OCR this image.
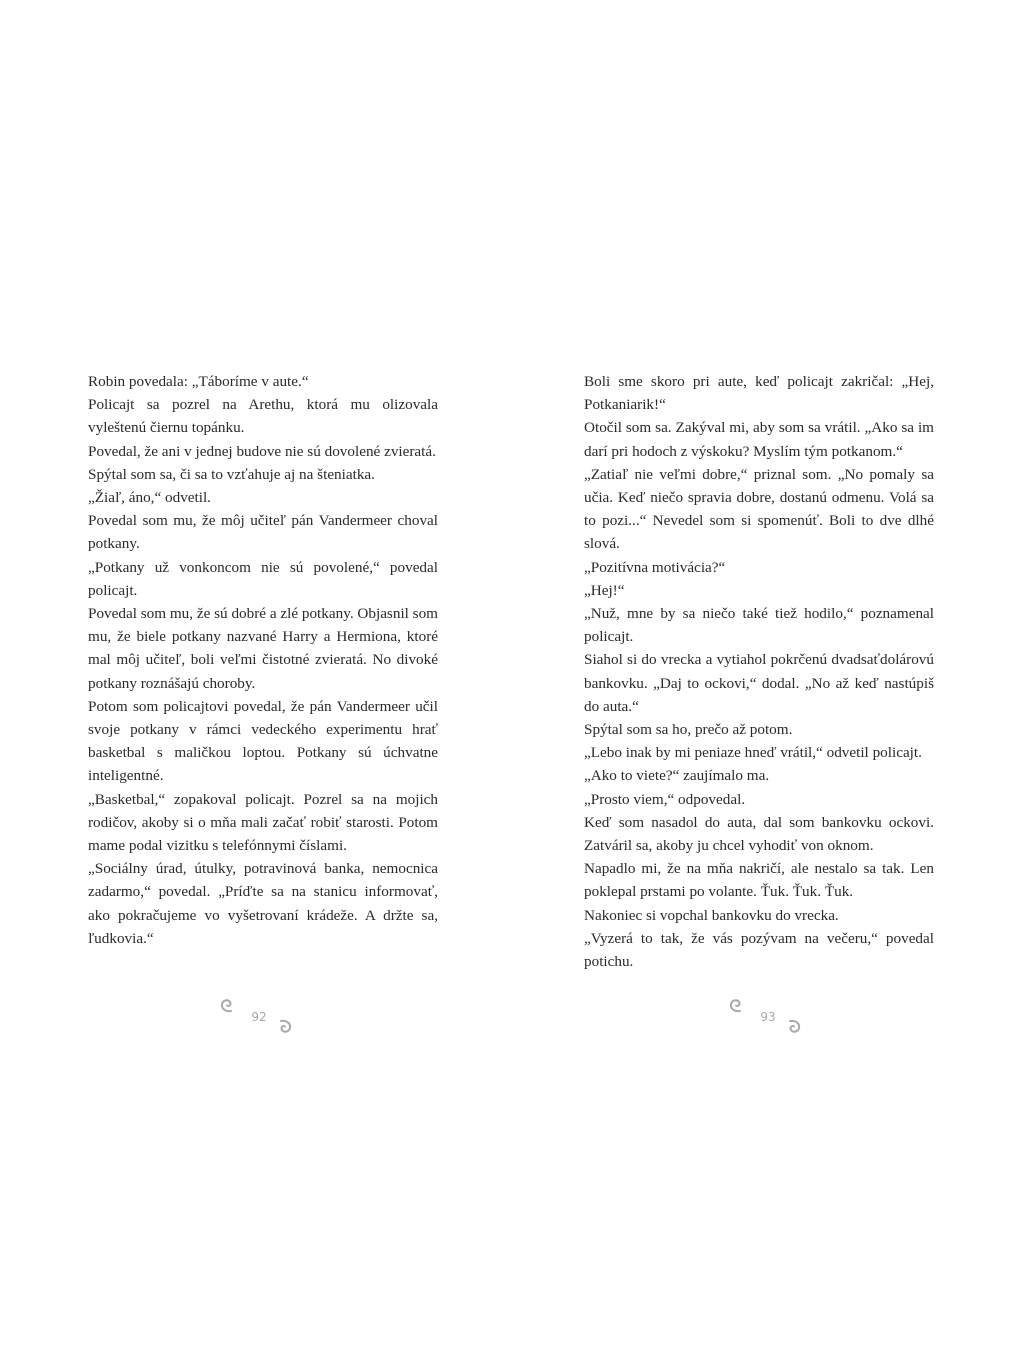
Robin povedala: „Táboríme v aute.“

Policajt sa pozrel na Arethu, ktorá mu olizovala vyleštenú čiernu topánku.

Povedal, že ani v jednej budove nie sú dovolené zvieratá.

Spýtal som sa, či sa to vzťahuje aj na šteniatka.

„Žiaľ, áno,“ odvetil.

Povedal som mu, že môj učiteľ pán Vandermeer choval potkany.

„Potkany už vonkoncom nie sú povolené,“ povedal policajt.

Povedal som mu, že sú dobré a zlé potkany. Objasnil som mu, že biele potkany nazvané Harry a Hermiona, ktoré mal môj učiteľ, boli veľmi čistotné zvieratá. No divoké potkany roznášajú choroby.

Potom som policajtovi povedal, že pán Vandermeer učil svoje potkany v rámci vedeckého experimentu hrať basketbal s maličkou loptou. Potkany sú úchvatne inteligentné.

„Basketbal,“ zopakoval policajt. Pozrel sa na mojich rodičov, akoby si o mňa mali začať robiť starosti. Potom mame podal vizitku s telefónnymi číslami.

„Sociálny úrad, útulky, potravinová banka, nemocnica zadarmo,“ povedal. „Príďte sa na stanicu informovať, ako pokračujeme vo vyšetrovaní krádeže. A držte sa, ľudkovia.“

92

Boli sme skoro pri aute, keď policajt zakričal: „Hej, Potkaniarik!“

Otočil som sa. Zakýval mi, aby som sa vrátil. „Ako sa im darí pri hodoch z výskoku? Myslím tým potkanom.“

„Zatiaľ nie veľmi dobre,“ priznal som. „No pomaly sa učia. Keď niečo spravia dobre, dostanú odmenu. Volá sa to pozi...“ Nevedel som si spomenúť. Boli to dve dlhé slová.

„Pozitívna motivácia?“

„Hej!“

„Nuž, mne by sa niečo také tiež hodilo,“ poznamenal policajt.

Siahol si do vrecka a vytiahol pokrčenú dvadsaťdolárovú bankovku. „Daj to ockovi,“ dodal. „No až keď nastúpiš do auta.“

Spýtal som sa ho, prečo až potom.

„Lebo inak by mi peniaze hneď vrátil,“ odvetil policajt.

„Ako to viete?“ zaujímalo ma.

„Prosto viem,“ odpovedal.

Keď som nasadol do auta, dal som bankovku ockovi. Zatváril sa, akoby ju chcel vyhodiť von oknom.

Napadlo mi, že na mňa nakričí, ale nestalo sa tak. Len poklepal prstami po volante. Ťuk. Ťuk. Ťuk.

Nakoniec si vopchal bankovku do vrecka.

„Vyzerá to tak, že vás pozývam na večeru,“ povedal potichu.

93
